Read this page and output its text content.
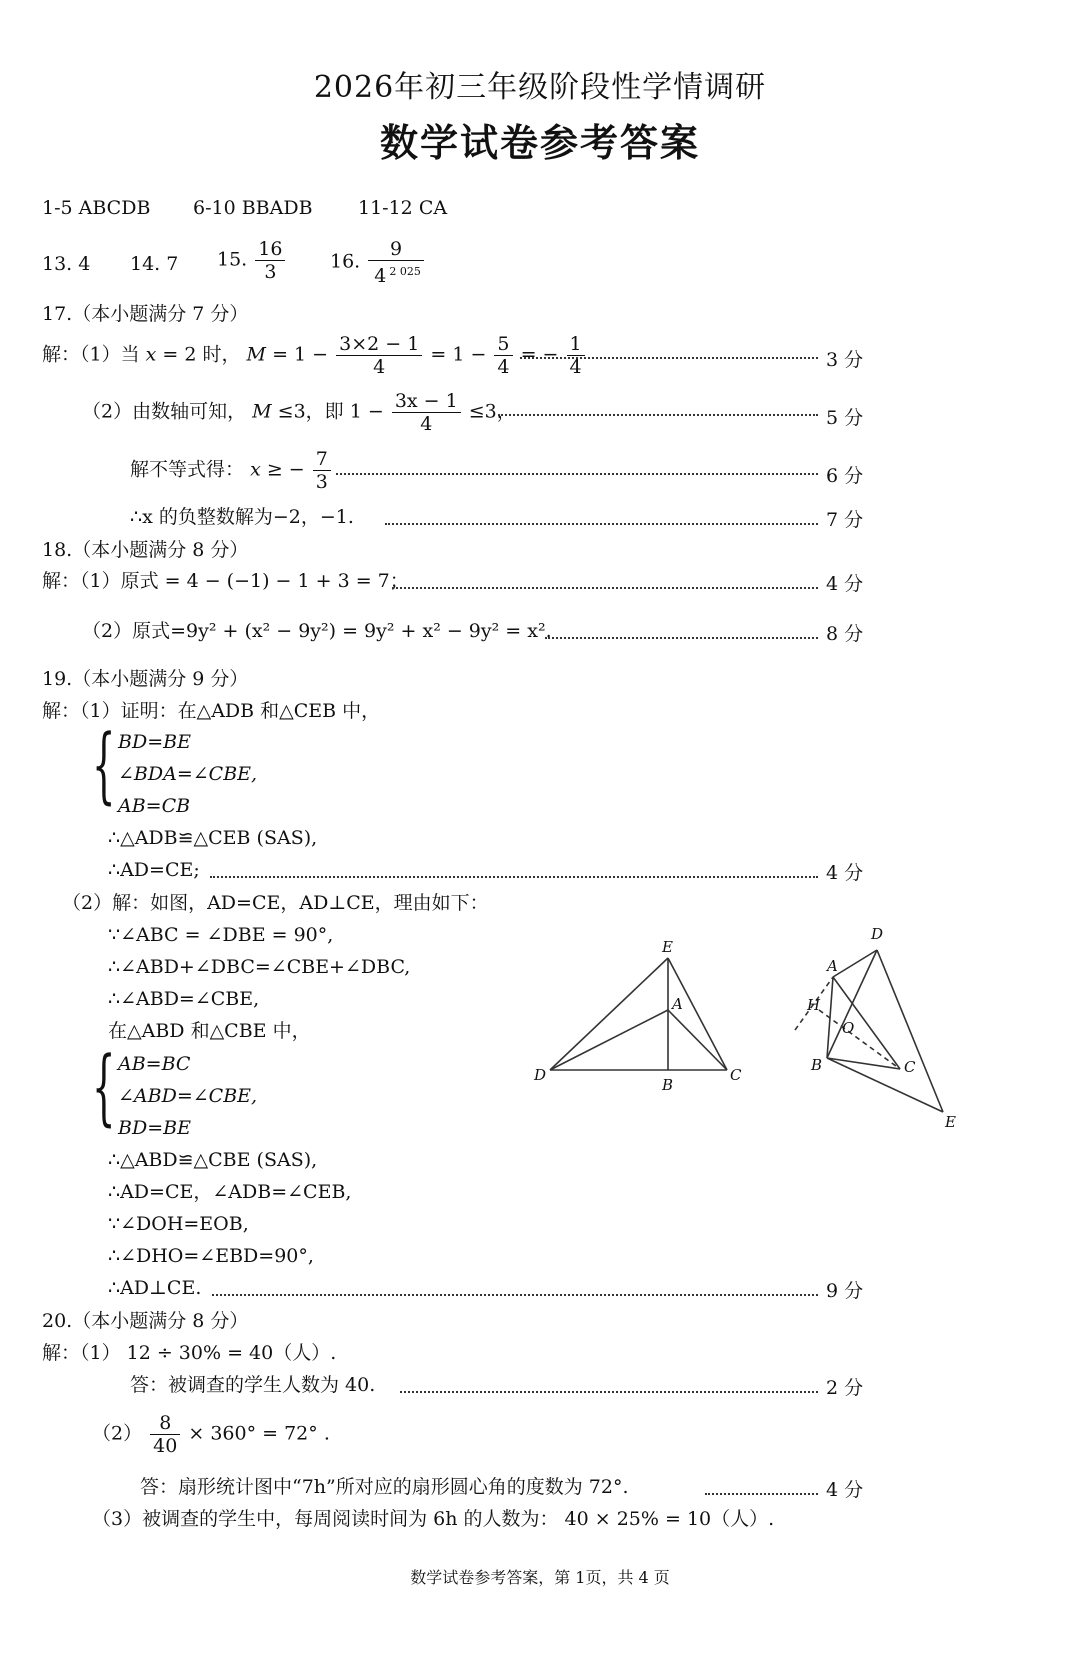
2026年初三年级阶段性学情调研
数学试卷参考答案
1-5 ABCDB 6-10 BBADB 11-12 CA
13. 4 14. 7 15. $\frac{16}{3} 16$. $\frac{9}{4 ^{2 025}}$
17.（本小题满分 7 分）
解：（1）当 x = 2 时， $M = 1 - \frac{3\times 2 - 1}{4} = 1 - \frac{5}{4}$ = − $\frac{1}{4}$	3 分
（2）由数轴可知， M ≤3，即 $1 - \frac{3x - 1}{4} \le 3$，	5 分
解不等式得： x ≥ − $\frac{7}{3}$	6 分
∴x 的负整数解为−2，−1.	7 分
18.（本小题满分 8 分）
解：（1）原式 = 4 − (−1) − 1 + 3 = 7；	4 分
（2）原式=9y² + (x² − 9y²) = 9y² + x² − 9y² = x².	8 分
19.（本小题满分 9 分）
解：（1）证明：在△ADB 和△CEB 中，
{ BD=BE
∠BDA=∠CBE,
AB=CB
∴△ADB≌△CEB (SAS),
∴AD=CE;	4 分
（2）解：如图，AD=CE，AD⊥CE，理由如下：
∵∠ABC = ∠DBE = 90°,
∴∠ABD+∠DBC=∠CBE+∠DBC,
∴∠ABD=∠CBE,
在△ABD 和△CBE 中，
{ AB=BC
∠ABD=∠CBE,
BD=BE
∴△ABD≌△CBE (SAS),
∴AD=CE，∠ADB=∠CEB,
∵∠DOH=EOB,
∴∠DHO=∠EBD=90°,
∴AD⊥CE.	9 分
E
A
D
B
C
D
A
H
O
B	C
E
20.（本小题满分 8 分）
解：（1） 12 ÷ 30% = 40（人）.
答：被调查的学生人数为 40.	2 分
$(2) \frac{8}{40} \times 360^\circ = 72^\circ$ .
答：扇形统计图中“7h”所对应的扇形圆心角的度数为 72°.	4 分
（3）被调查的学生中，每周阅读时间为 6h 的人数为： 40 × 25% = 10（人）.
数学试卷参考答案，第 1页，共 4 页
